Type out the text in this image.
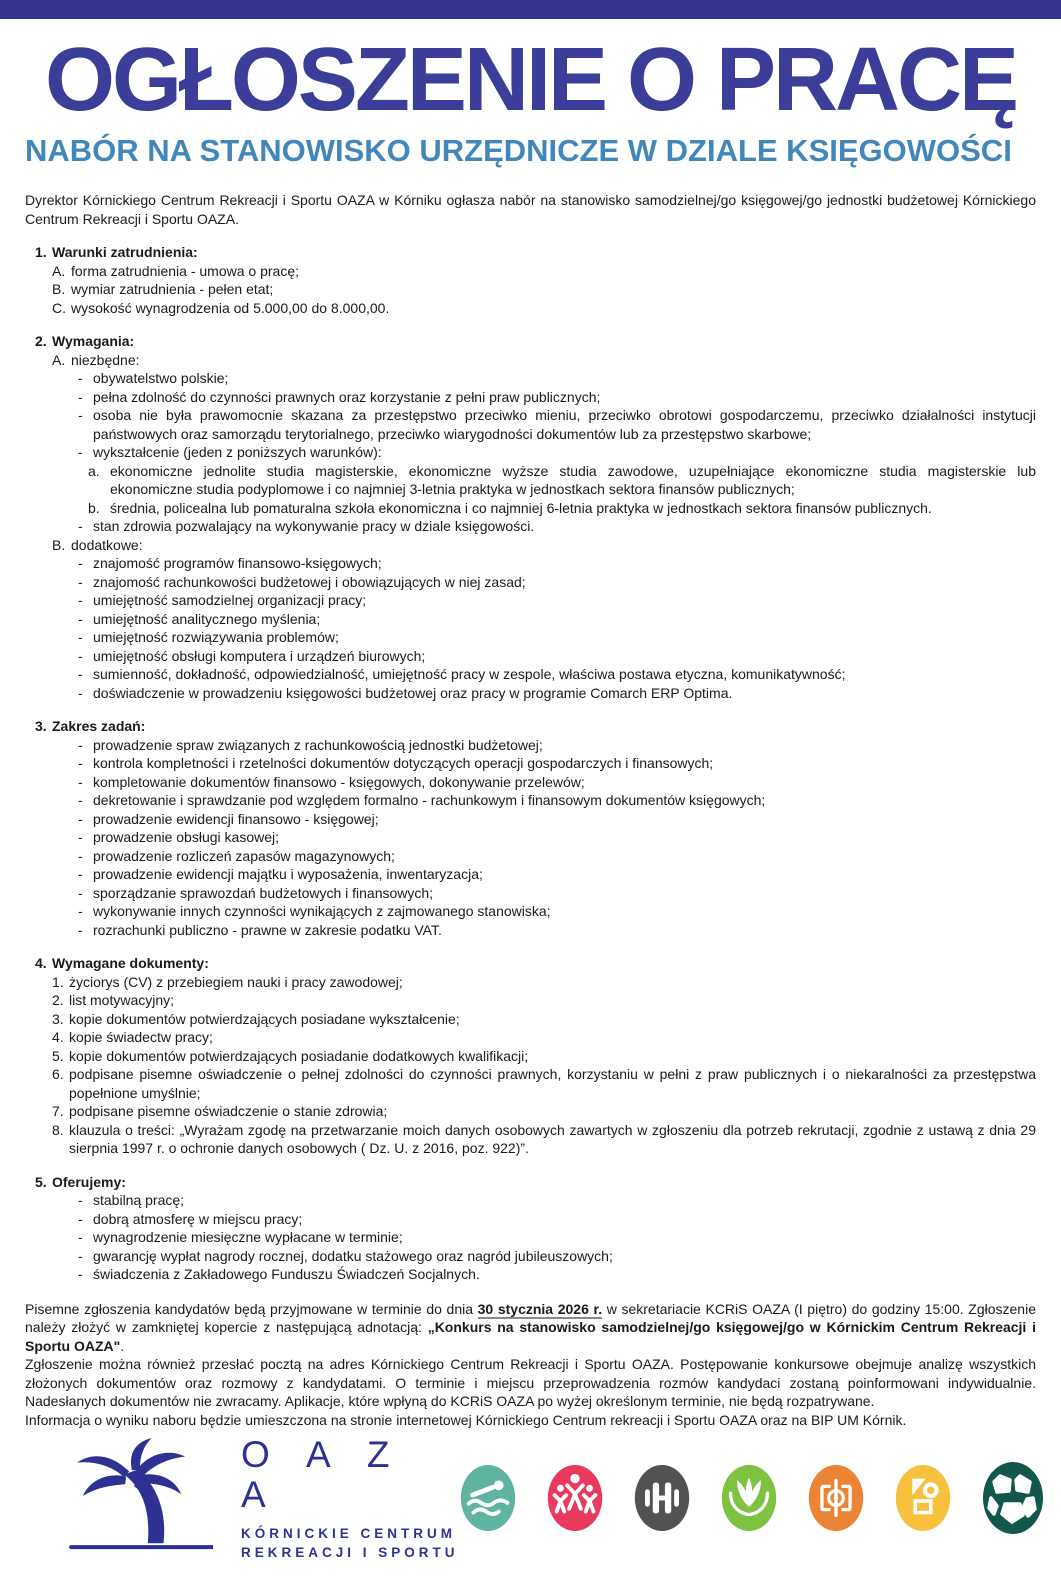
OGŁOSZENIE O PRACĘ
NABÓR NA STANOWISKO URZĘDNICZE W DZIALE KSIĘGOWOŚCI

Dyrektor Kórnickiego Centrum Rekreacji i Sportu OAZA w Kórniku ogłasza nabór na stanowisko samodzielnej/go księgowej/go jednostki budżetowej Kórnickiego Centrum Rekreacji i Sportu OAZA.

1. Warunki zatrudnienia:
A. forma zatrudnienia - umowa o pracę;
B. wymiar zatrudnienia - pełen etat;
C. wysokość wynagrodzenia od 5.000,00 do 8.000,00.
2. Wymagania:
A. niezbędne:
- obywatelstwo polskie;
- pełna zdolność do czynności prawnych oraz korzystanie z pełni praw publicznych;
- osoba nie była prawomocnie skazana za przestępstwo przeciwko mieniu, przeciwko obrotowi gospodarczemu, przeciwko działalności instytucji państwowych oraz samorządu terytorialnego, przeciwko wiarygodności dokumentów lub za przestępstwo skarbowe;
- wykształcenie (jeden z poniższych warunków):
a. ekonomiczne jednolite studia magisterskie, ekonomiczne wyższe studia zawodowe, uzupełniające ekonomiczne studia magisterskie lub ekonomiczne studia podyplomowe i co najmniej 3-letnia praktyka w jednostkach sektora finansów publicznych;
b. średnia, policealna lub pomaturalna szkoła ekonomiczna i co najmniej 6-letnia praktyka w jednostkach sektora finansów publicznych.
- stan zdrowia pozwalający na wykonywanie pracy w dziale księgowości.
B. dodatkowe:
- znajomość programów finansowo-księgowych;
- znajomość rachunkowości budżetowej i obowiązujących w niej zasad;
- umiejętność samodzielnej organizacji pracy;
- umiejętność analitycznego myślenia;
- umiejętność rozwiązywania problemów;
- umiejętność obsługi komputera i urządzeń biurowych;
- sumienność, dokładność, odpowiedzialność, umiejętność pracy w zespole, właściwa postawa etyczna, komunikatywność;
- doświadczenie w prowadzeniu księgowości budżetowej oraz pracy w programie Comarch ERP Optima.
3. Zakres zadań:
- prowadzenie spraw związanych z rachunkowością jednostki budżetowej;
- kontrola kompletności i rzetelności dokumentów dotyczących operacji gospodarczych i finansowych;
- kompletowanie dokumentów finansowo - księgowych, dokonywanie przelewów;
- dekretowanie i sprawdzanie pod względem formalno - rachunkowym i finansowym dokumentów księgowych;
- prowadzenie ewidencji finansowo - księgowej;
- prowadzenie obsługi kasowej;
- prowadzenie rozliczeń zapasów magazynowych;
- prowadzenie ewidencji majątku i wyposażenia, inwentaryzacja;
- sporządzanie sprawozdań budżetowych i finansowych;
- wykonywanie innych czynności wynikających z zajmowanego stanowiska;
- rozrachunki publiczno - prawne w zakresie podatku VAT.
4. Wymagane dokumenty:
1. życiorys (CV) z przebiegiem nauki i pracy zawodowej;
2. list motywacyjny;
3. kopie dokumentów potwierdzających posiadane wykształcenie;
4. kopie świadectw pracy;
5. kopie dokumentów potwierdzających posiadanie dodatkowych kwalifikacji;
6. podpisane pisemne oświadczenie o pełnej zdolności do czynności prawnych, korzystaniu w pełni z praw publicznych i o niekaralności za przestępstwa popełnione umyślnie;
7. podpisane pisemne oświadczenie o stanie zdrowia;
8. klauzula o treści: „Wyrażam zgodę na przetwarzanie moich danych osobowych zawartych w zgłoszeniu dla potrzeb rekrutacji, zgodnie z ustawą z dnia 29 sierpnia 1997 r. o ochronie danych osobowych ( Dz. U. z 2016, poz. 922)”.
5. Oferujemy:
- stabilną pracę;
- dobrą atmosferę w miejscu pracy;
- wynagrodzenie miesięczne wypłacane w terminie;
- gwarancję wypłat nagrody rocznej, dodatku stażowego oraz nagród jubileuszowych;
- świadczenia z Zakładowego Funduszu Świadczeń Socjalnych.

Pisemne zgłoszenia kandydatów będą przyjmowane w terminie do dnia 30 stycznia 2026 r. w sekretariacie KCRiS OAZA (I piętro) do godziny 15:00. Zgłoszenie należy złożyć w zamkniętej kopercie z następującą adnotacją: „Konkurs na stanowisko samodzielnej/go księgowej/go w Kórnickim Centrum Rekreacji i Sportu OAZA".

Zgłoszenie można również przesłać pocztą na adres Kórnickiego Centrum Rekreacji i Sportu OAZA. Postępowanie konkursowe obejmuje analizę wszystkich złożonych dokumentów oraz rozmowy z kandydatami. O terminie i miejscu przeprowadzenia rozmów kandydaci zostaną poinformowani indywidualnie. Nadesłanych dokumentów nie zwracamy. Aplikacje, które wpłyną do KCRiS OAZA po wyżej określonym terminie, nie będą rozpatrywane.

Informacja o wyniku naboru będzie umieszczona na stronie internetowej Kórnickiego Centrum rekreacji i Sportu OAZA oraz na BIP UM Kórnik.

O A Z A
KÓRNICKIE CENTRUM
REKREACJI I SPORTU
